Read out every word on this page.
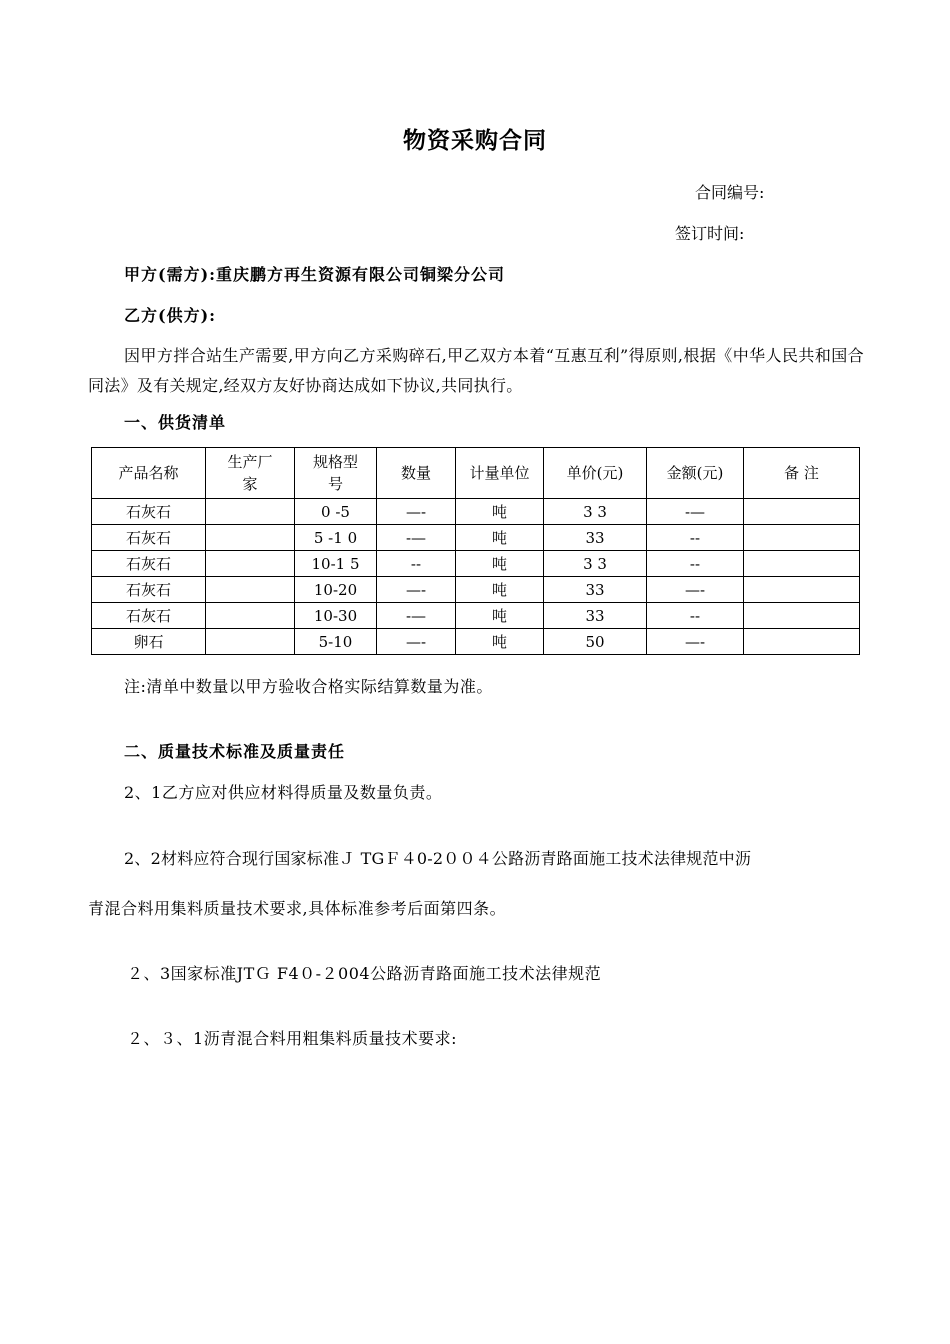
物资采购合同
合同编号:
签订时间:
甲方(需方):重庆鹏方再生资源有限公司铜梁分公司
乙方(供方):
因甲方拌合站生产需要,甲方向乙方采购碎石,甲乙双方本着“互惠互利”得原则,根据《中华人民共和国合同法》及有关规定,经双方友好协商达成如下协议,共同执行。
一、供货清单
产品名称	生产厂家	规格型号	数量	计量单位	单价(元)	金额(元)	备 注
石灰石		0 -5	—-	吨	3 3	-—	
石灰石		5 -1 0	-—	吨	33	--	
石灰石		10-1 5	--	吨	3 3	--	
石灰石		10-20	—-	吨	33	—-	
石灰石		10-30	-—	吨	33	--	
卵石		5-10	—-	吨	50	—-	
注:清单中数量以甲方验收合格实际结算数量为准。
二、质量技术标准及质量责任
2、1乙方应对供应材料得质量及数量负责。
2、2材料应符合现行国家标准Ｊ TGＦ４0-2００４公路沥青路面施工技术法律规范中沥
青混合料用集料质量技术要求,具体标准参考后面第四条。
２、3国家标准JTＧ F4０-２004公路沥青路面施工技术法律规范
２、３、1沥青混合料用粗集料质量技术要求:
